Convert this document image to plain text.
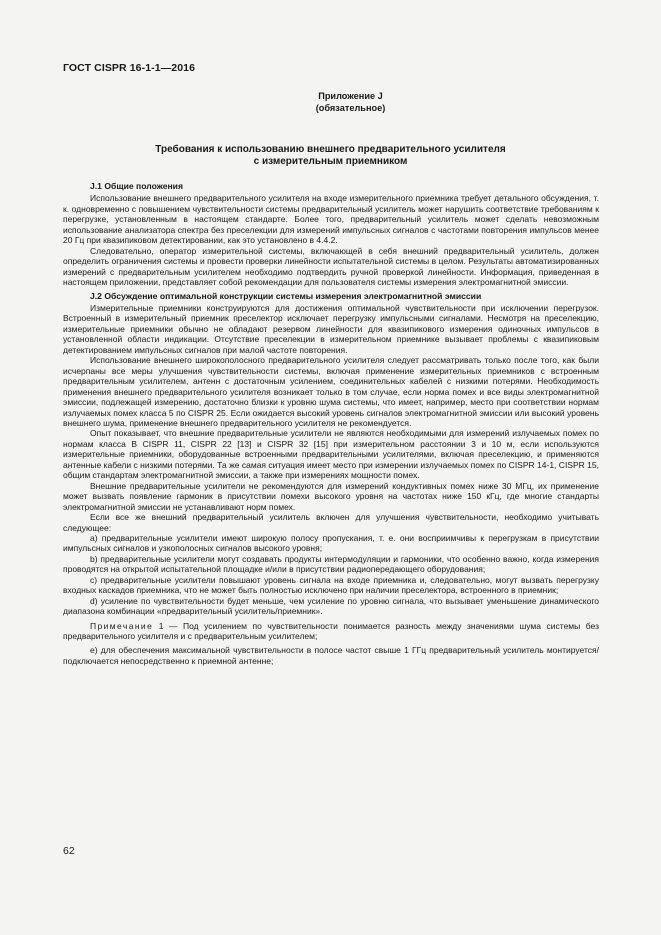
ГОСТ CISPR 16-1-1—2016
Приложение J
(обязательное)
Требования к использованию внешнего предварительного усилителя
с измерительным приемником
J.1 Общие положения

Использование внешнего предварительного усилителя на входе измерительного приемника требует детального обсуждения, т. к. одновременно с повышением чувствительности системы предварительный усилитель может нарушить соответствие требованиям к перегрузке, установленным в настоящем стандарте. Более того, предварительный усилитель может сделать невозможным использование анализатора спектра без преселекции для измерений импульсных сигналов с частотами повторения импульсов менее 20 Гц при квазипиковом детектировании, как это установлено в 4.4.2.

Следовательно, оператор измерительной системы, включающей в себя внешний предварительный усилитель, должен определить ограничения системы и провести проверки линейности испытательной системы в целом. Результаты автоматизированных измерений с предварительным усилителем необходимо подтвердить ручной проверкой линейности. Информация, приведенная в настоящем приложении, представляет собой рекомендации для пользователя системы измерения электромагнитной эмиссии.

J.2 Обсуждение оптимальной конструкции системы измерения электромагнитной эмиссии

Измерительные приемники конструируются для достижения оптимальной чувствительности при исключении перегрузок. Встроенный в измерительный приемник преселектор исключает перегрузку импульсными сигналами. Несмотря на преселекцию, измерительные приемники обычно не обладают резервом линейности для квазипикового измерения одиночных импульсов в установленной области индикации. Отсутствие преселекции в измерительном приемнике вызывает проблемы с квазипиковым детектированием импульсных сигналов при малой частоте повторения.

Использование внешнего широкополосного предварительного усилителя следует рассматривать только после того, как были исчерпаны все меры улучшения чувствительности системы, включая применение измерительных приемников с встроенным предварительным усилителем, антенн с достаточным усилением, соединительных кабелей с низкими потерями. Необходимость применения внешнего предварительного усилителя возникает только в том случае, если норма помех и все виды электромагнитной эмиссии, подлежащей измерению, достаточно близки к уровню шума системы, что имеет, например, место при соответствии нормам излучаемых помех класса 5 по CISPR 25. Если ожидается высокий уровень сигналов электромагнитной эмиссии или высокий уровень внешнего шума, применение внешнего предварительного усилителя не рекомендуется.

Опыт показывает, что внешние предварительные усилители не являются необходимыми для измерений излучаемых помех по нормам класса В CISPR 11, CISPR 22 [13] и CISPR 32 [15] при измерительном расстоянии 3 и 10 м, если используются измерительные приемники, оборудованные встроенными предварительными усилителями, включая преселекцию, и применяются антенные кабели с низкими потерями. Та же самая ситуация имеет место при измерении излучаемых помех по CISPR 14-1, CISPR 15, общим стандартам электромагнитной эмиссии, а также при измерениях мощности помех.

Внешние предварительные усилители не рекомендуются для измерений кондуктивных помех ниже 30 МГц, их применение может вызвать появление гармоник в присутствии помехи высокого уровня на частотах ниже 150 кГц, где многие стандарты электромагнитной эмиссии не устанавливают норм помех.

Если все же внешний предварительный усилитель включен для улучшения чувствительности, необходимо учитывать следующее:

а) предварительные усилители имеют широкую полосу пропускания, т. е. они восприимчивы к перегрузкам в присутствии импульсных сигналов и узкополосных сигналов высокого уровня;

b) предварительные усилители могут создавать продукты интермодуляции и гармоники, что особенно важно, когда измерения проводятся на открытой испытательной площадке и/или в присутствии радиопередающего оборудования;

с) предварительные усилители повышают уровень сигнала на входе приемника и, следовательно, могут вызвать перегрузку входных каскадов приемника, что не может быть полностью исключено при наличии преселектора, встроенного в приемник;

d) усиление по чувствительности будет меньше, чем усиление по уровню сигнала, что вызывает уменьшение динамического диапазона комбинации «предварительный усилитель/приемник».

Примечание 1 — Под усилением по чувствительности понимается разность между значениями шума системы без предварительного усилителя и с предварительным усилителем;

е) для обеспечения максимальной чувствительности в полосе частот свыше 1 ГГц предварительный усилитель монтируется/подключается непосредственно к приемной антенне;

62
